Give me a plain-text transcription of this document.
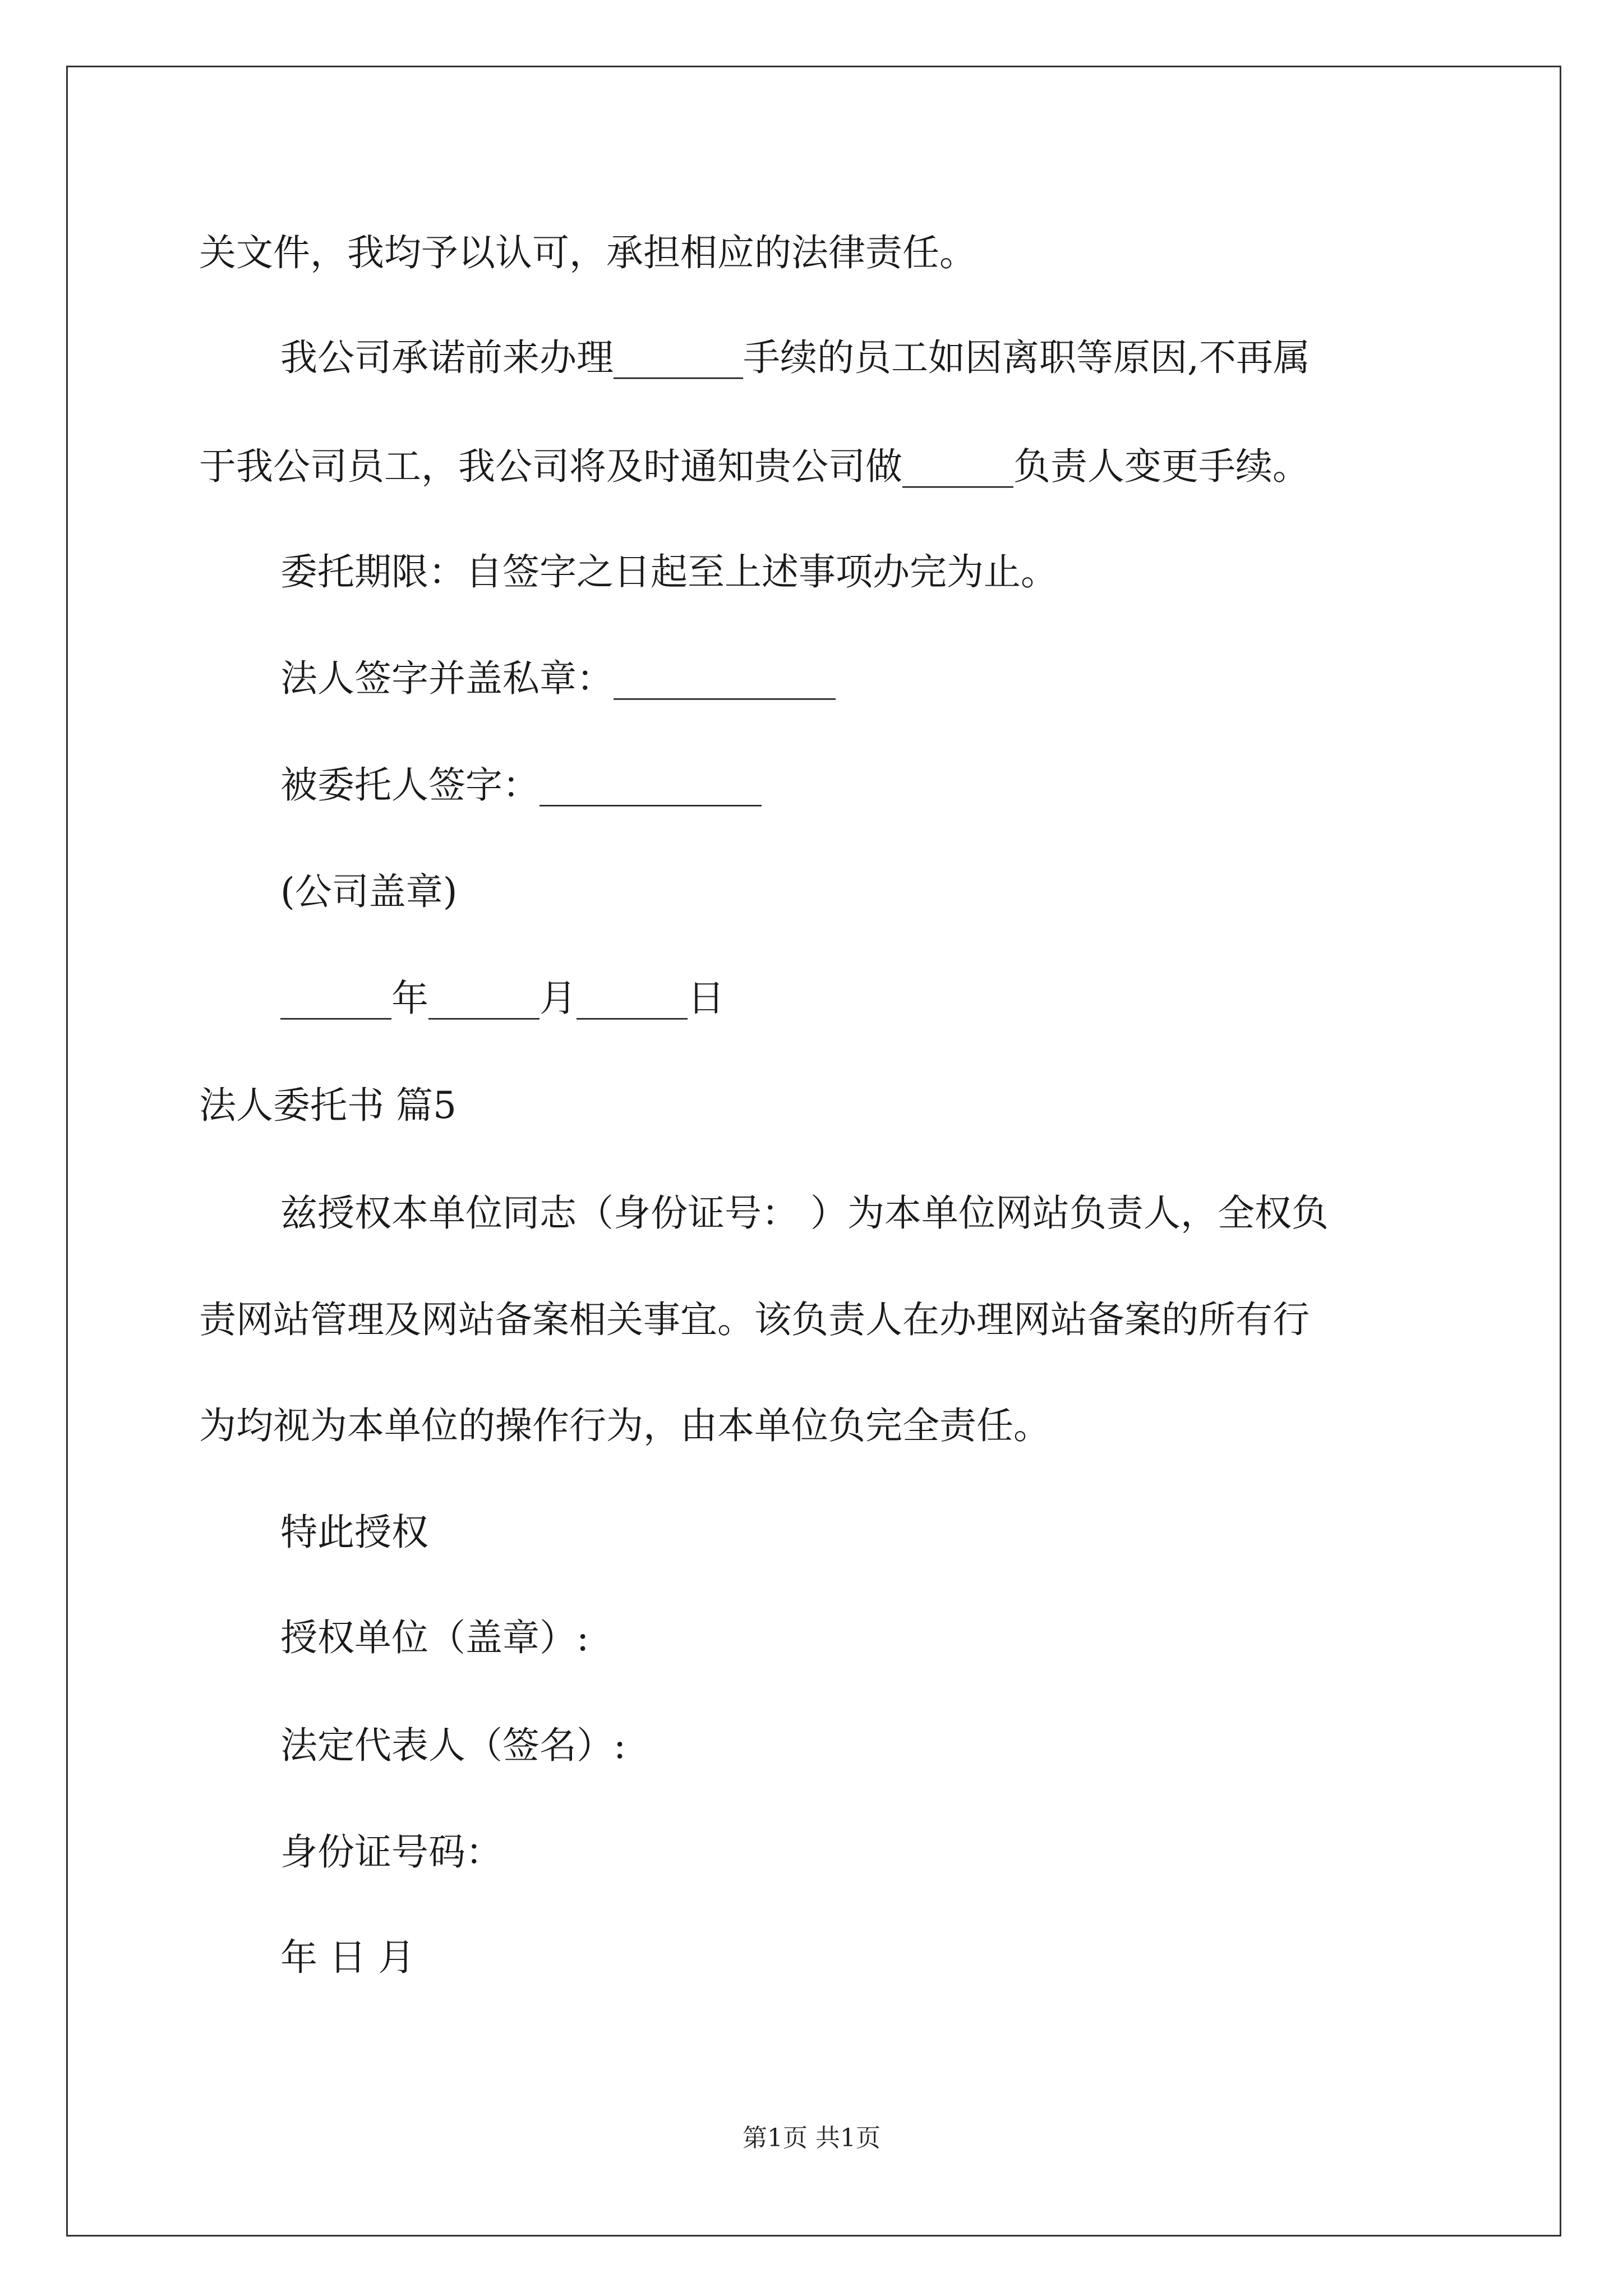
关文件，我均予以认可，承担相应的法律责任。

我公司承诺前来办理_______手续的员工如因离职等原因,不再属

于我公司员工，我公司将及时通知贵公司做______负责人变更手续。

委托期限：自签字之日起至上述事项办完为止。

法人签字并盖私章：____________

被委托人签字：____________

(公司盖章)

______年______月______日

法人委托书 篇5

兹授权本单位同志（身份证号： ）为本单位网站负责人，全权负

责网站管理及网站备案相关事宜。该负责人在办理网站备案的所有行

为均视为本单位的操作行为，由本单位负完全责任。

特此授权

授权单位（盖章）:

法定代表人（签名）:

身份证号码：

年 日 月

第1页 共1页
